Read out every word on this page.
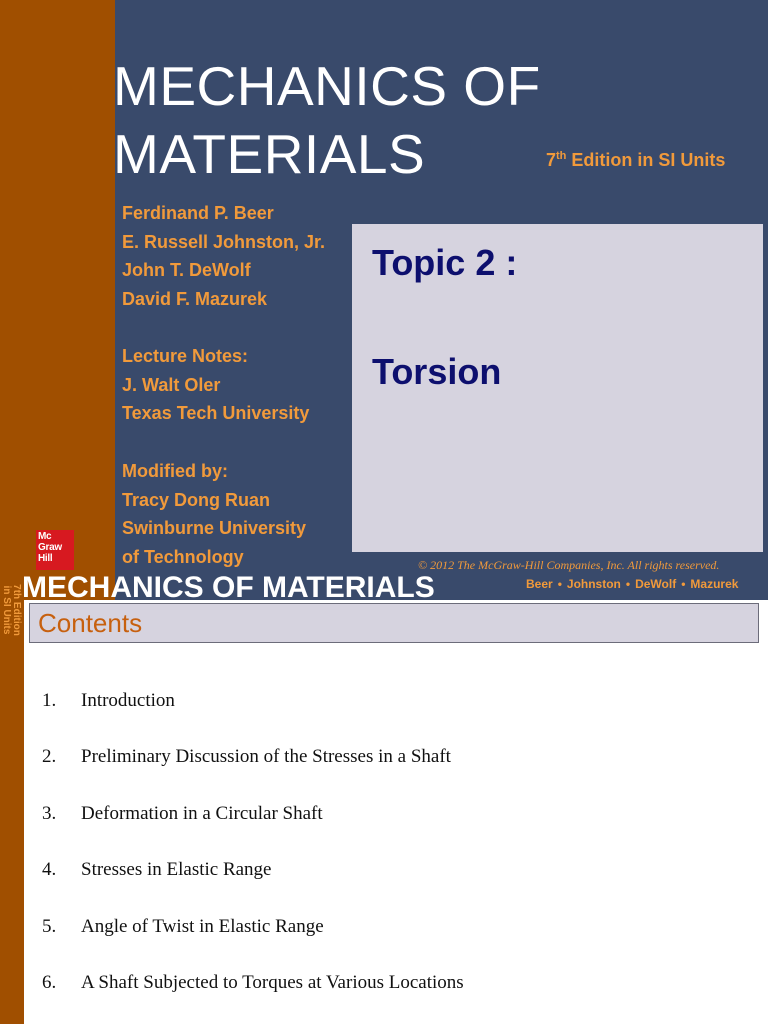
MECHANICS OF
MATERIALS	7th Edition in SI Units
Ferdinand P. Beer
E. Russell Johnston, Jr.
John T. DeWolf
David F. Mazurek
Lecture Notes:
J. Walt Oler
Texas Tech University
Modified by:
Tracy Dong Ruan
Swinburne University
of Technology
Topic 2 :
Torsion
Mc
Graw
Hill	© 2012 The McGraw-Hill Companies, Inc. All rights reserved.
7th Edition
in SI Units MECHANICS OF MATERIALS	Beer • Johnston • DeWolf • Mazurek
Contents
1. Introduction
2. Preliminary Discussion of the Stresses in a Shaft
3. Deformation in a Circular Shaft
4. Stresses in Elastic Range
5. Angle of Twist in Elastic Range
6. A Shaft Subjected to Torques at Various Locations
